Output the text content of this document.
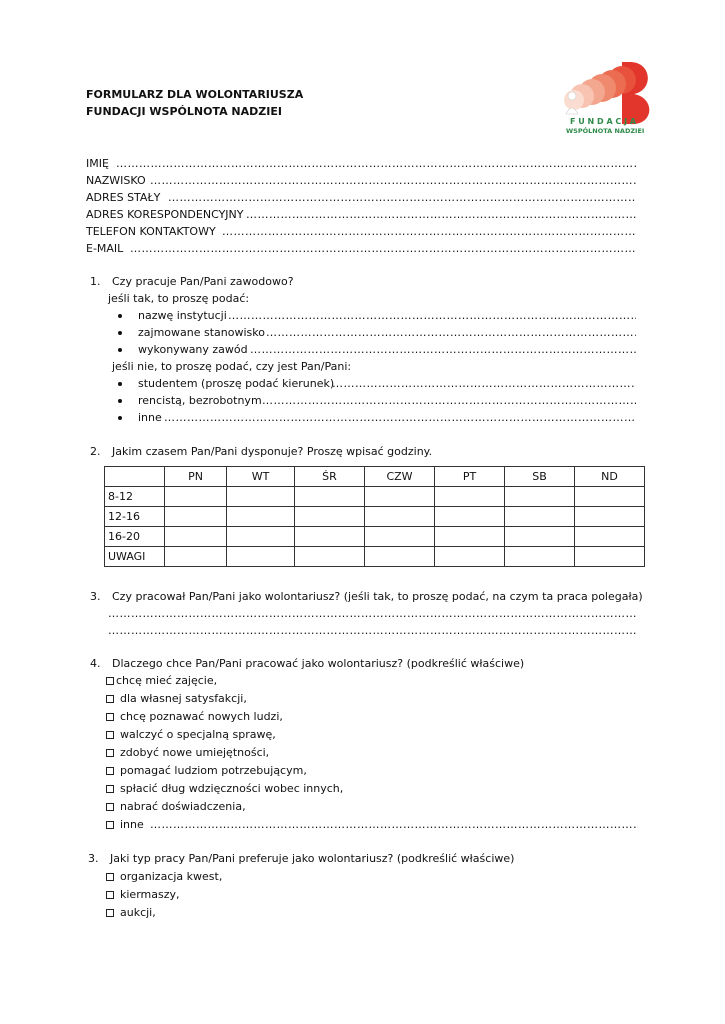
FORMULARZ DLA WOLONTARIUSZA
FUNDACJI WSPÓLNOTA NADZIEI
F U N D A C J A
WSPÓLNOTA NADZIEI
IMIĘ
…………………………………………………………………………………………………………………………………………………………………………………………………………………………………………………………………………
NAZWISKO
…………………………………………………………………………………………………………………………………………………………………………………………………………………………………………………………………………
ADRES STAŁY
…………………………………………………………………………………………………………………………………………………………………………………………………………………………………………………………………………
ADRES KORESPONDENCYJNY
…………………………………………………………………………………………………………………………………………………………………………………………………………………………………………………………………………
TELEFON KONTAKTOWY
…………………………………………………………………………………………………………………………………………………………………………………………………………………………………………………………………………
E-MAIL
…………………………………………………………………………………………………………………………………………………………………………………………………………………………………………………………………………
1. Czy pracuje Pan/Pani zawodowo?
jeśli tak, to proszę podać:
nazwę instytucji
…………………………………………………………………………………………………………………………………………………………………………………………………………………………………………………………………………
zajmowane stanowisko
…………………………………………………………………………………………………………………………………………………………………………………………………………………………………………………………………………
wykonywany zawód
…………………………………………………………………………………………………………………………………………………………………………………………………………………………………………………………………………
jeśli nie, to proszę podać, czy jest Pan/Pani:
studentem (proszę podać kierunek)
…………………………………………………………………………………………………………………………………………………………………………………………………………………………………………………………………………
rencistą, bezrobotnym
…………………………………………………………………………………………………………………………………………………………………………………………………………………………………………………………………………
inne
…………………………………………………………………………………………………………………………………………………………………………………………………………………………………………………………………………
2. Jakim czasem Pan/Pani dysponuje? Proszę wpisać godziny.
	PN	WT	ŚR	CZW	PT	SB	ND
8-12							
12-16							
16-20							
UWAGI							
3. Czy pracował Pan/Pani jako wolontariusz? (jeśli tak, to proszę podać, na czym ta praca polegała)
…………………………………………………………………………………………………………………………………………………………………………………………………………………………………………………………………………
…………………………………………………………………………………………………………………………………………………………………………………………………………………………………………………………………………
4. Dlaczego chce Pan/Pani pracować jako wolontariusz? (podkreślić właściwe)
chcę mieć zajęcie,
dla własnej satysfakcji,
chcę poznawać nowych ludzi,
walczyć o specjalną sprawę,
zdobyć nowe umiejętności,
pomagać ludziom potrzebującym,
spłacić dług wdzięczności wobec innych,
nabrać doświadczenia,
inne
…………………………………………………………………………………………………………………………………………………………………………………………………………………………………………………………………………
3. Jaki typ pracy Pan/Pani preferuje jako wolontariusz? (podkreślić właściwe)
organizacja kwest,
kiermaszy,
aukcji,
